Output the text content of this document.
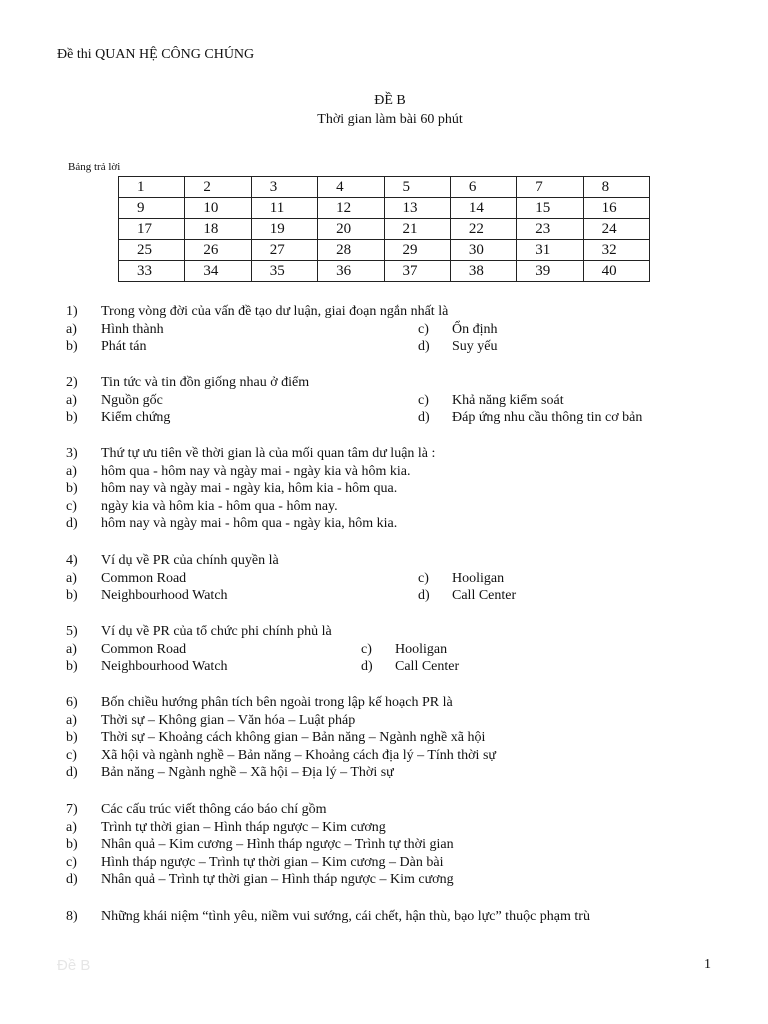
Đề thi QUAN HỆ CÔNG CHÚNG
ĐỀ B
Thời gian làm bài 60 phút
Bảng trả lời
1	2	3	4	5	6	7	8
9	10	11	12	13	14	15	16
17	18	19	20	21	22	23	24
25	26	27	28	29	30	31	32
33	34	35	36	37	38	39	40
1) Trong vòng đời của vấn đề tạo dư luận, giai đoạn ngắn nhất là
a) Hình thành	c) Ổn định
b) Phát tán	d) Suy yếu
2) Tin tức và tin đồn giống nhau ở điểm
a) Nguồn gốc	c) Khả năng kiểm soát
b) Kiểm chứng	d) Đáp ứng nhu cầu thông tin cơ bản
3) Thứ tự ưu tiên về thời gian là của mối quan tâm dư luận là :
a) hôm qua - hôm nay và ngày mai - ngày kia và hôm kia.
b) hôm nay và ngày mai - ngày kia, hôm kia - hôm qua.
c) ngày kia và hôm kia - hôm qua - hôm nay.
d) hôm nay và ngày mai - hôm qua - ngày kia, hôm kia.
4) Ví dụ về PR của chính quyền là
a) Common Road	c) Hooligan
b) Neighbourhood Watch	d) Call Center
5) Ví dụ về PR của tổ chức phi chính phủ là
a) Common Road	c) Hooligan
b) Neighbourhood Watch	d) Call Center
6) Bốn chiều hướng phân tích bên ngoài trong lập kế hoạch PR là
a) Thời sự – Không gian – Văn hóa – Luật pháp
b) Thời sự – Khoảng cách không gian – Bản năng – Ngành nghề xã hội
c) Xã hội và ngành nghề – Bản năng – Khoảng cách địa lý – Tính thời sự
d) Bản năng – Ngành nghề – Xã hội – Địa lý – Thời sự
7) Các cấu trúc viết thông cáo báo chí gồm
a) Trình tự thời gian – Hình tháp ngược – Kim cương
b) Nhân quả – Kim cương – Hình tháp ngược – Trình tự thời gian
c) Hình tháp ngược – Trình tự thời gian – Kim cương – Dàn bài
d) Nhân quả – Trình tự thời gian – Hình tháp ngược – Kim cương
8) Những khái niệm “tình yêu, niềm vui sướng, cái chết, hận thù, bạo lực” thuộc phạm trù
Đề B	1
